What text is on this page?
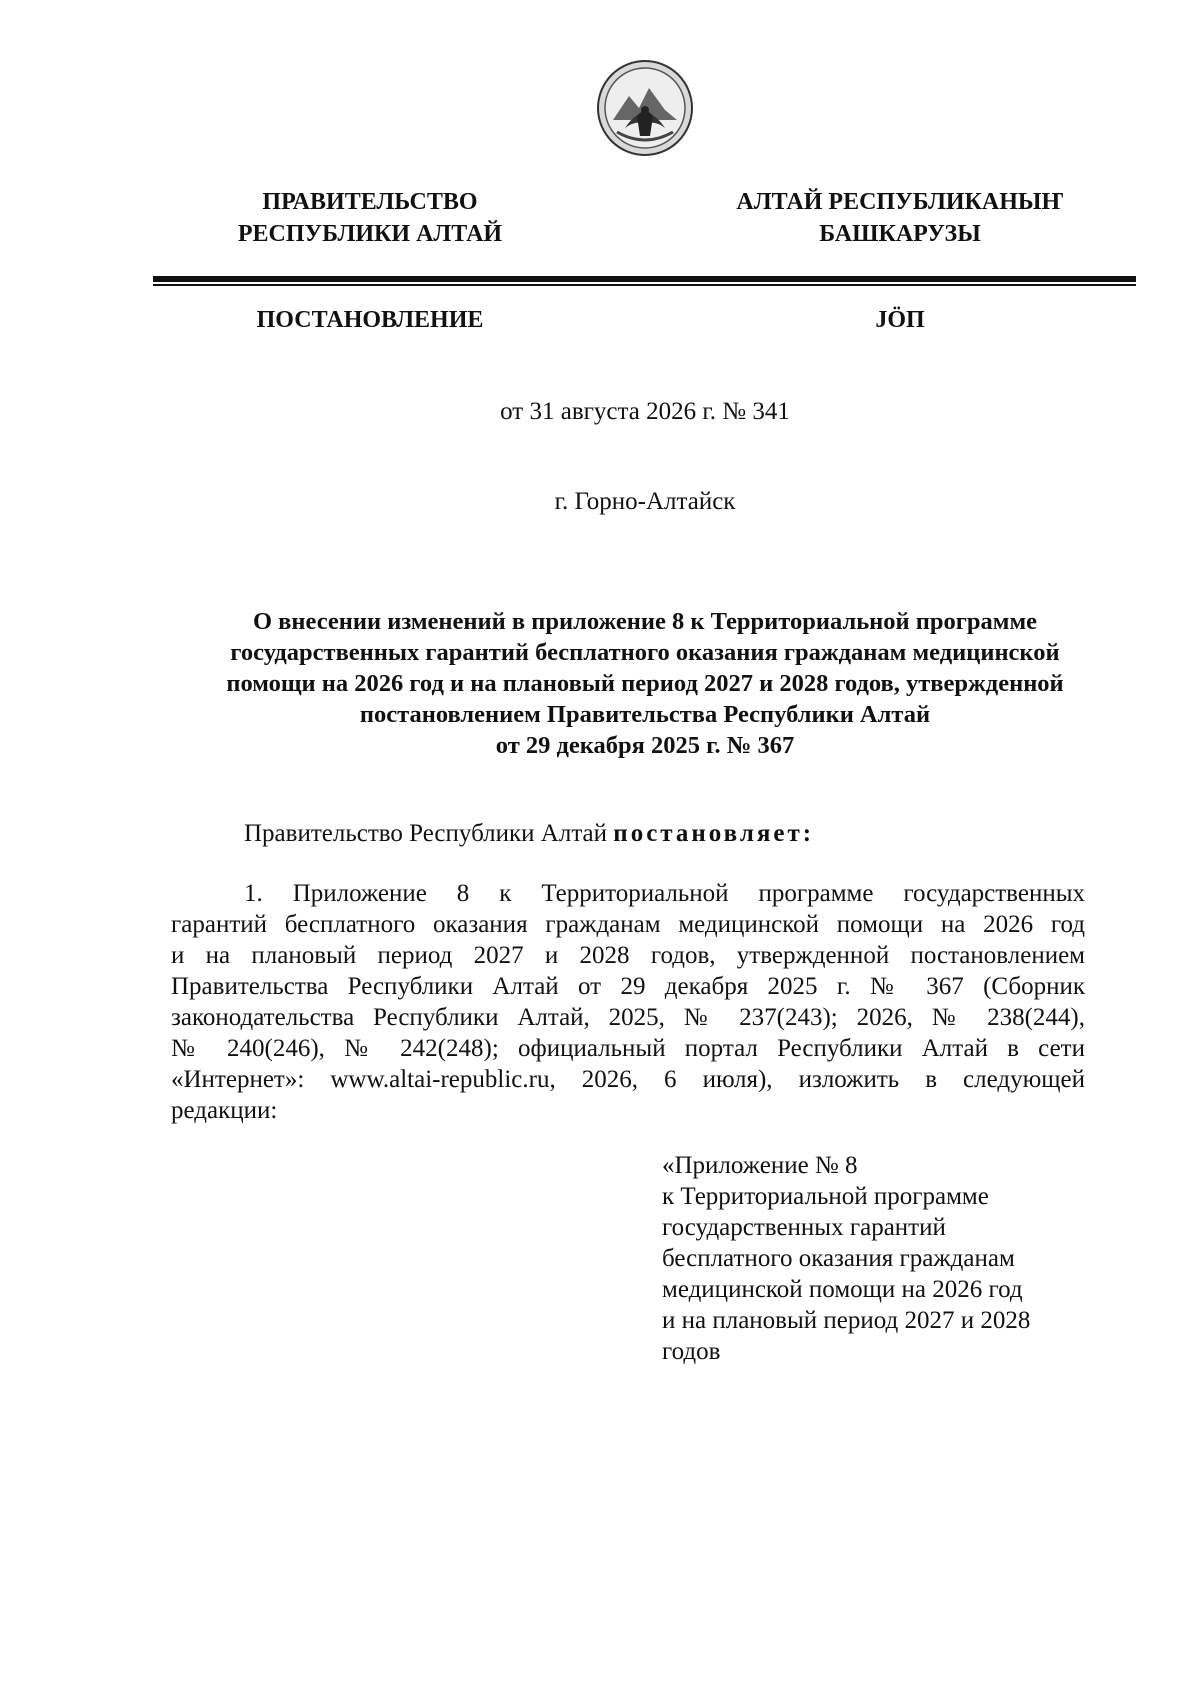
ПРАВИТЕЛЬСТВО
РЕСПУБЛИКИ АЛТАЙ
АЛТАЙ РЕСПУБЛИКАНЫҤ
БАШКАРУЗЫ
ПОСТАНОВЛЕНИЕ	JÖП
от 31 августа 2026 г. № 341
г. Горно-Алтайск
О внесении изменений в приложение 8 к Территориальной программе
государственных гарантий бесплатного оказания гражданам медицинской
помощи на 2026 год и на плановый период 2027 и 2028 годов, утвержденной
постановлением Правительства Республики Алтай
от 29 декабря 2025 г. № 367
Правительство Республики Алтай постановляет:
1. Приложение 8 к Территориальной программе государственных
гарантий бесплатного оказания гражданам медицинской помощи на 2026 год
и на плановый период 2027 и 2028 годов, утвержденной постановлением
Правительства Республики Алтай от 29 декабря 2025 г. № 367 (Сборник
законодательства Республики Алтай, 2025, № 237(243); 2026, № 238(244),
№ 240(246), № 242(248); официальный портал Республики Алтай в сети
«Интернет»: www.altai-republic.ru, 2026, 6 июля), изложить в следующей
редакции:
«Приложение № 8
к Территориальной программе
государственных гарантий
бесплатного оказания гражданам
медицинской помощи на 2026 год
и на плановый период 2027 и 2028
годов
